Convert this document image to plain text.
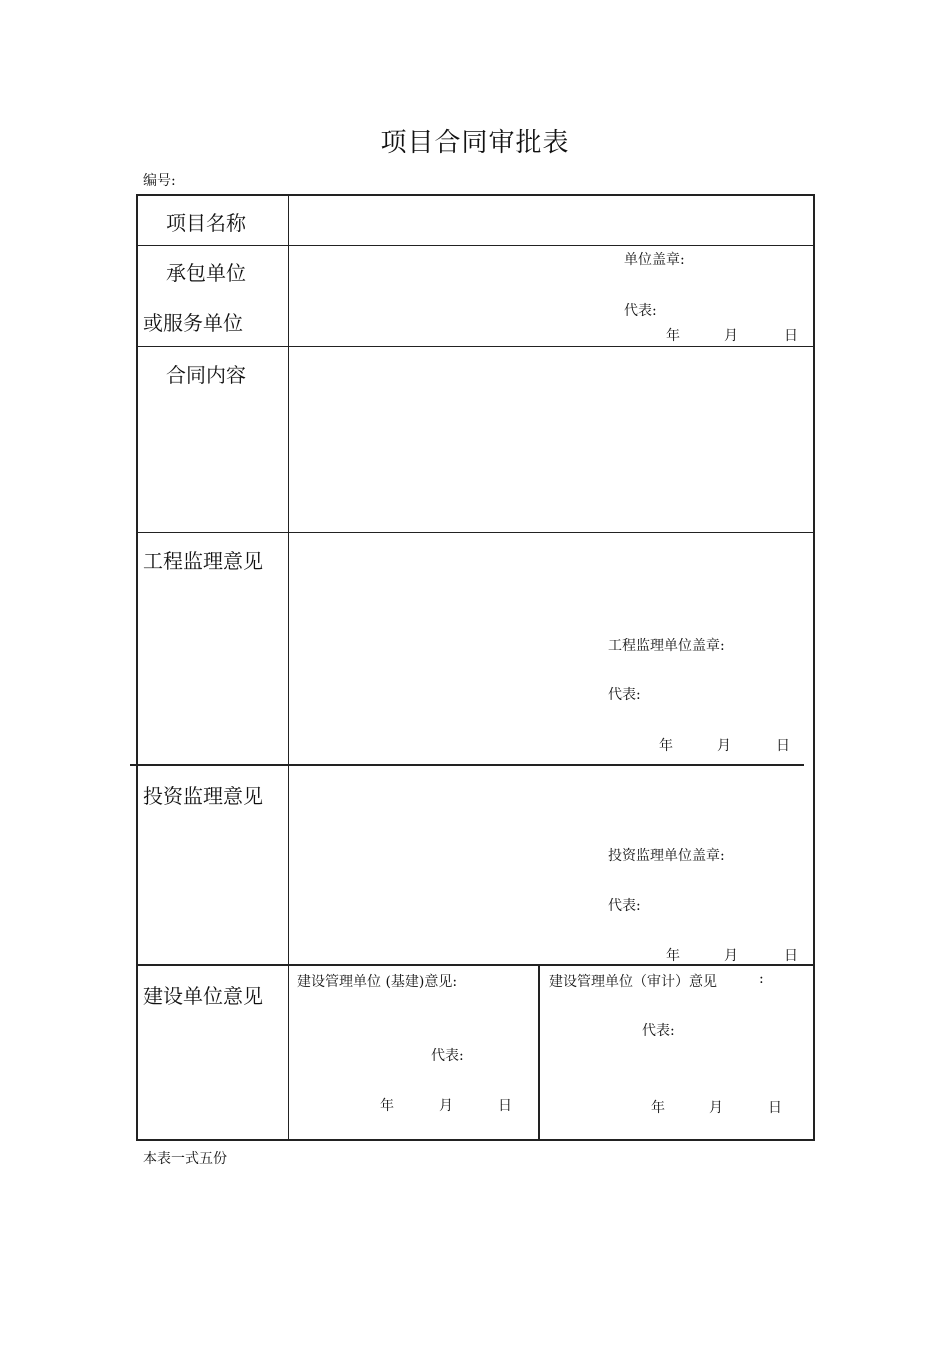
项目合同审批表
编号:
项目名称
承包单位
或服务单位
单位盖章:
代表:
年	月	日
合同内容
工程监理意见
工程监理单位盖章:
代表:
年	月	日
投资监理意见
投资监理单位盖章:
代表:
年	月	日
建设单位意见
建设管理单位 (基建)意见:
代表:
年	月	日
建设管理单位（审计）意见	:
代表:
年	月	日
本表一式五份
